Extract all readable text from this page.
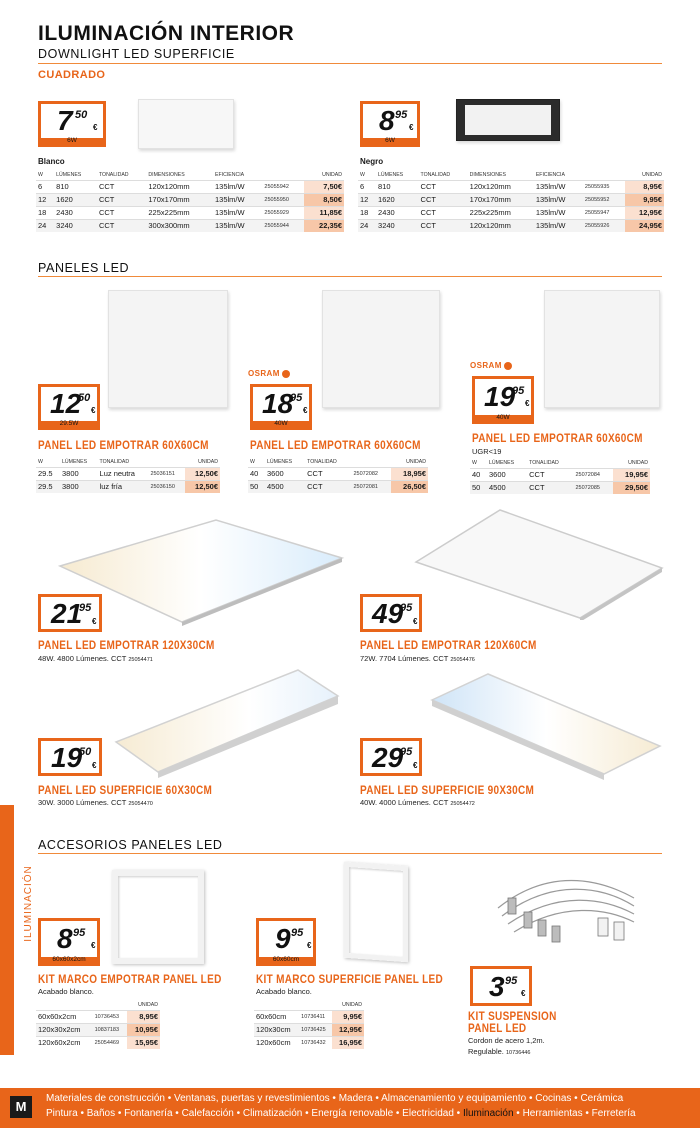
ILUMINACIÓN INTERIOR
DOWNLIGHT LED SUPERFICIE
CUADRADO
7 50
€
6W
Blanco
W	LÚMENES	TONALIDAD	DIMENSIONES	EFICIENCIA		UNIDAD
6	810	CCT	120x120mm	135lm/W	25055942	7,50€
12	1620	CCT	170x170mm	135lm/W	25055950	8,50€
18	2430	CCT	225x225mm	135lm/W	25055929	11,85€
24	3240	CCT	300x300mm	135lm/W	25055944	22,35€
8 95
€
6W
Negro
W	LÚMENES	TONALIDAD	DIMENSIONES	EFICIENCIA		UNIDAD
6	810	CCT	120x120mm	135lm/W	25055935	8,95€
12	1620	CCT	170x170mm	135lm/W	25055952	9,95€
18	2430	CCT	225x225mm	135lm/W	25055947	12,95€
24	3240	CCT	120x120mm	135lm/W	25055926	24,95€
PANELES LED
12
50
€
29.5W
PANEL LED EMPOTRAR 60X60CM
W	LÚMENES	TONALIDAD		UNIDAD
29.5	3800	Luz neutra	25036151	12,50€
29.5	3800	luz fría	25036150	12,50€
OSRAM
18
95
€
40W
PANEL LED EMPOTRAR 60X60CM
W	LÚMENES	TONALIDAD		UNIDAD
40	3600	CCT	25072082	18,95€
50	4500	CCT	25072081	26,50€
OSRAM
19
95
€
40W
PANEL LED EMPOTRAR 60X60CM
UGR<19
W	LÚMENES	TONALIDAD		UNIDAD
40	3600	CCT	25072084	19,95€
50	4500	CCT	25072085	29,50€
21
95
€
PANEL LED EMPOTRAR 120X30CM
48W. 4800 Lúmenes. CCT 25054471
49
95
€
PANEL LED EMPOTRAR 120X60CM
72W. 7704 Lúmenes. CCT 25054476
19
50
€
PANEL LED SUPERFICIE 60X30CM
30W. 3000 Lúmenes. CCT 25054470
29
95
€
PANEL LED SUPERFICIE 90X30CM
40W. 4000 Lúmenes. CCT 25054472
ILUMINACIÓN
ACCESORIOS PANELES LED
8 95
€
60x60x2cm
KIT MARCO EMPOTRAR PANEL LED
Acabado blanco.
		UNIDAD
60x60x2cm	10736453	8,95€
120x30x2cm	10837183	10,95€
120x60x2cm	25054469	15,95€
9 95
€
60x60cm
KIT MARCO SUPERFICIE PANEL LED
Acabado blanco.
		UNIDAD
60x60cm	10736411	9,95€
120x30cm	10736425	12,95€
120x60cm	10736432	16,95€
3 95
€
KIT SUSPENSION
PANEL LED
Cordon de acero 1,2m.
Regulable. 10736446
M
Materiales de construcción • Ventanas, puertas y revestimientos • Madera • Almacenamiento y equipamiento • Cocinas • Cerámica
Pintura • Baños • Fontanería • Calefacción • Climatización • Energía renovable • Electricidad • Iluminación • Herramientas • Ferretería
